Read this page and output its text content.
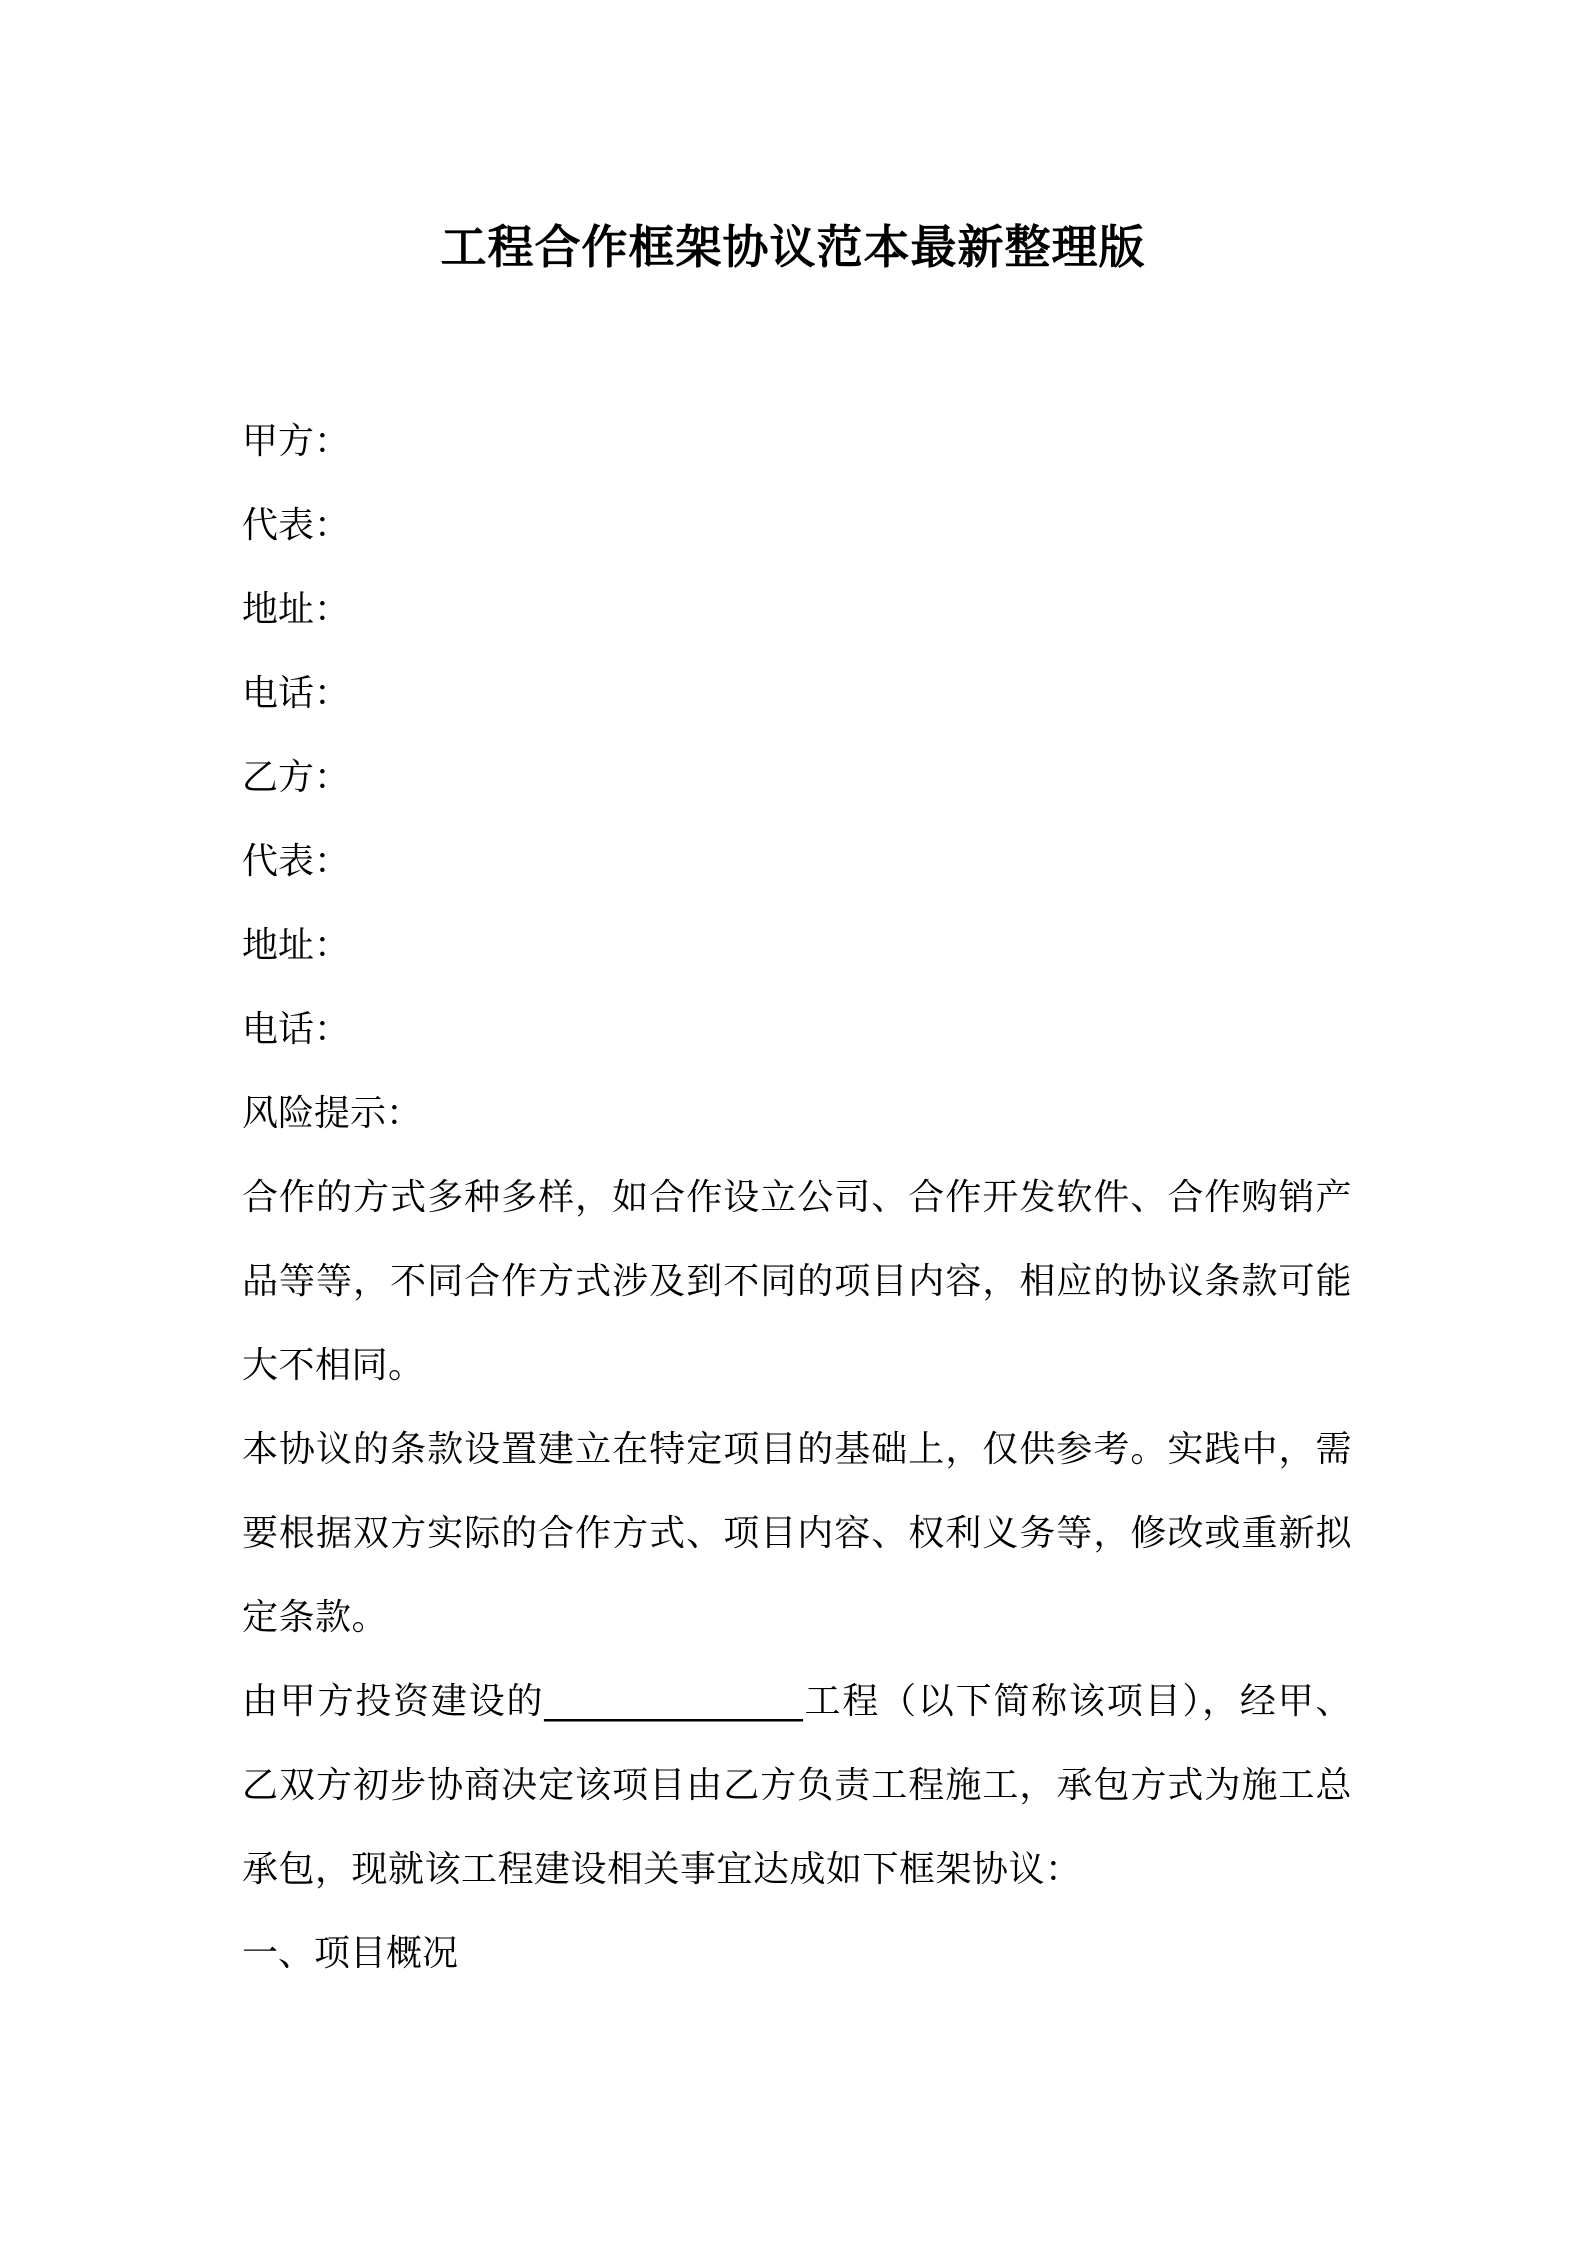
工程合作框架协议范本最新整理版
甲方：
代表：
地址：
电话：
乙方：
代表：
地址：
电话：
风险提示：
合作的方式多种多样，如合作设立公司、合作开发软件、合作购销产品等等，不同合作方式涉及到不同的项目内容，相应的协议条款可能大不相同。
本协议的条款设置建立在特定项目的基础上，仅供参考。实践中，需要根据双方实际的合作方式、项目内容、权利义务等，修改或重新拟定条款。
由甲方投资建设的______________工程（以下简称该项目），经甲、乙双方初步协商决定该项目由乙方负责工程施工，承包方式为施工总承包，现就该工程建设相关事宜达成如下框架协议：
一、项目概况
